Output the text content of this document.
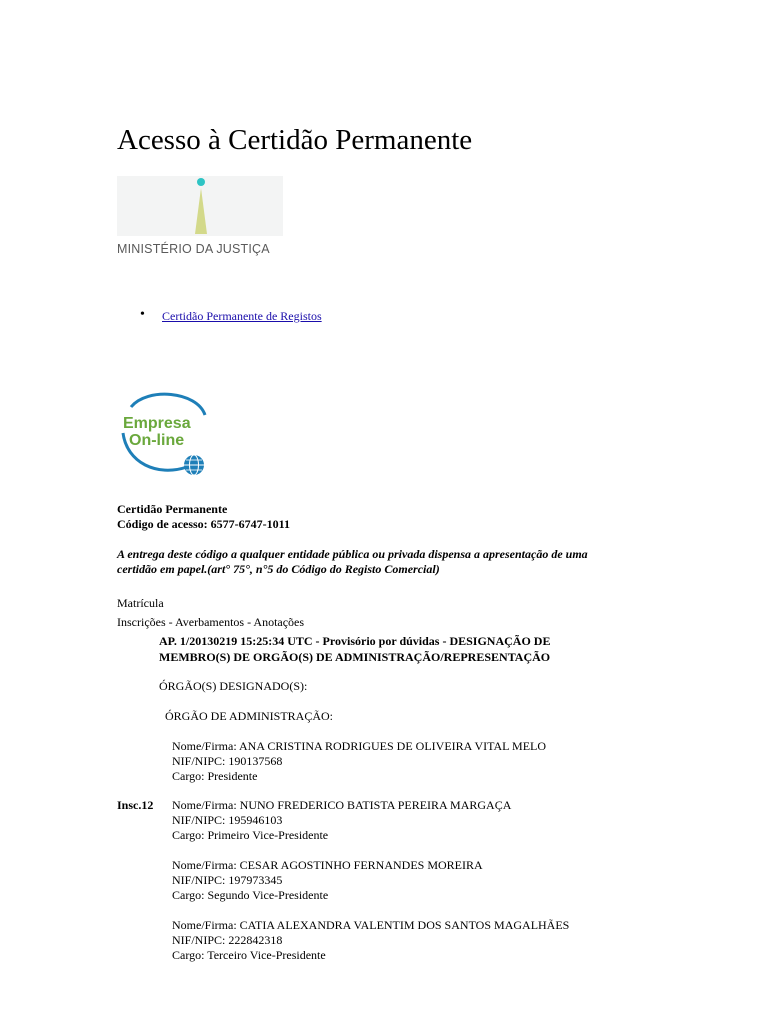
Acesso à Certidão Permanente
MINISTÉRIO DA JUSTIÇA
• Certidão Permanente de Registos
Empresa
On-line
Certidão Permanente
Código de acesso: 6577-6747-1011
A entrega deste código a qualquer entidade pública ou privada dispensa a apresentação de uma
certidão em papel.(art° 75°, n°5 do Código do Registo Comercial)
Matrícula
Inscrições - Averbamentos - Anotações
AP. 1/20130219 15:25:34 UTC - Provisório por dúvidas - DESIGNAÇÃO DE
MEMBRO(S) DE ORGÃO(S) DE ADMINISTRAÇÃO/REPRESENTAÇÃO
ÓRGÃO(S) DESIGNADO(S):
ÓRGÃO DE ADMINISTRAÇÃO:
Nome/Firma: ANA CRISTINA RODRIGUES DE OLIVEIRA VITAL MELO
NIF/NIPC: 190137568
Cargo: Presidente
Insc.12 Nome/Firma: NUNO FREDERICO BATISTA PEREIRA MARGAÇA
NIF/NIPC: 195946103
Cargo: Primeiro Vice-Presidente
Nome/Firma: CESAR AGOSTINHO FERNANDES MOREIRA
NIF/NIPC: 197973345
Cargo: Segundo Vice-Presidente
Nome/Firma: CATIA ALEXANDRA VALENTIM DOS SANTOS MAGALHÃES
NIF/NIPC: 222842318
Cargo: Terceiro Vice-Presidente
